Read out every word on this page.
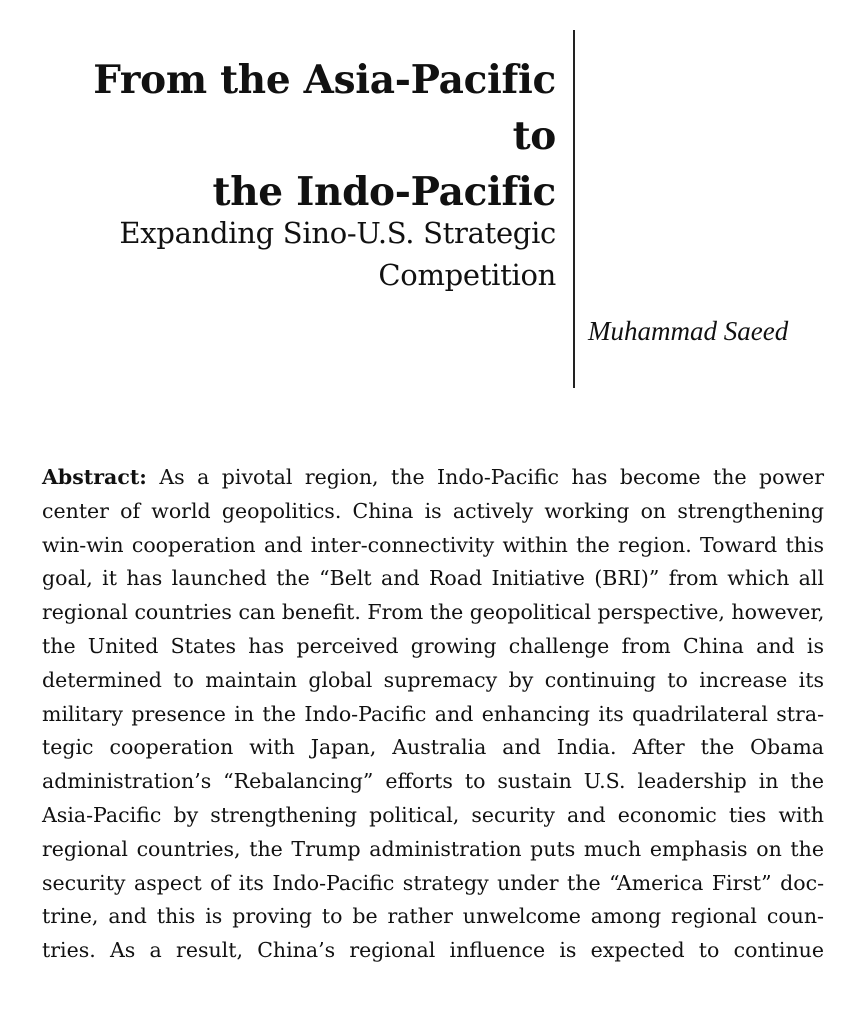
From the Asia-Pacific to
the Indo-Pacific
Expanding Sino-U.S. Strategic
Competition
Muhammad Saeed
Abstract: As a pivotal region, the Indo-Pacific has become the power
center of world geopolitics. China is actively working on strengthening
win-win cooperation and inter-connectivity within the region. Toward this
goal, it has launched the “Belt and Road Initiative (BRI)” from which all
regional countries can benefit. From the geopolitical perspective, however,
the United States has perceived growing challenge from China and is
determined to maintain global supremacy by continuing to increase its
military presence in the Indo-Pacific and enhancing its quadrilateral stra-
tegic cooperation with Japan, Australia and India. After the Obama
administration’s “Rebalancing” efforts to sustain U.S. leadership in the
Asia-Pacific by strengthening political, security and economic ties with
regional countries, the Trump administration puts much emphasis on the
security aspect of its Indo-Pacific strategy under the “America First” doc-
trine, and this is proving to be rather unwelcome among regional coun-
tries. As a result, China’s regional influence is expected to continue
